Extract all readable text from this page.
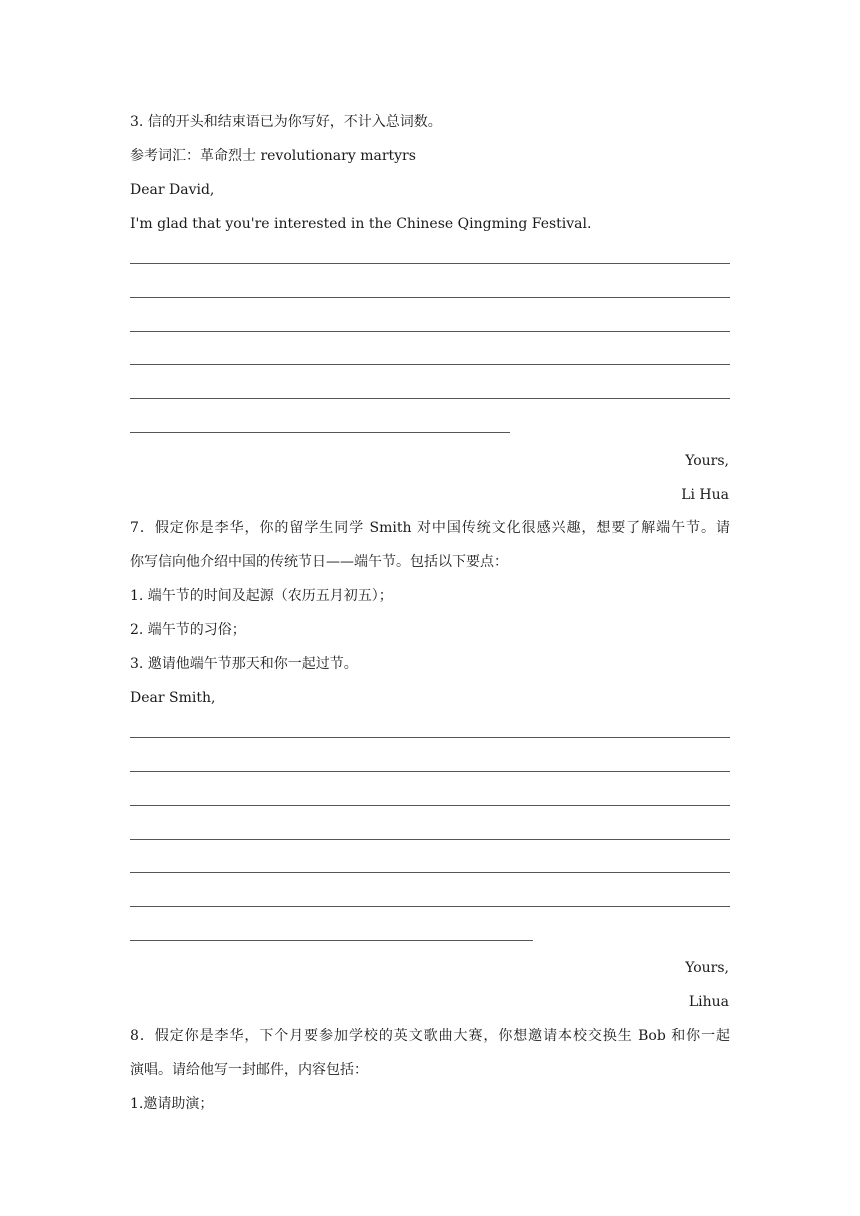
3. 信的开头和结束语已为你写好，不计入总词数。
参考词汇：革命烈士 revolutionary martyrs
Dear David,
I'm glad that you're interested in the Chinese Qingming Festival.
Yours,
Li Hua
7．假定你是李华，你的留学生同学 Smith 对中国传统文化很感兴趣，想要了解端午节。请
你写信向他介绍中国的传统节日——端午节。包括以下要点：
1. 端午节的时间及起源（农历五月初五）；
2. 端午节的习俗；
3. 邀请他端午节那天和你一起过节。
Dear Smith,
Yours,
Lihua
8．假定你是李华，下个月要参加学校的英文歌曲大赛，你想邀请本校交换生 Bob 和你一起
演唱。请给他写一封邮件，内容包括：
1.邀请助演；
